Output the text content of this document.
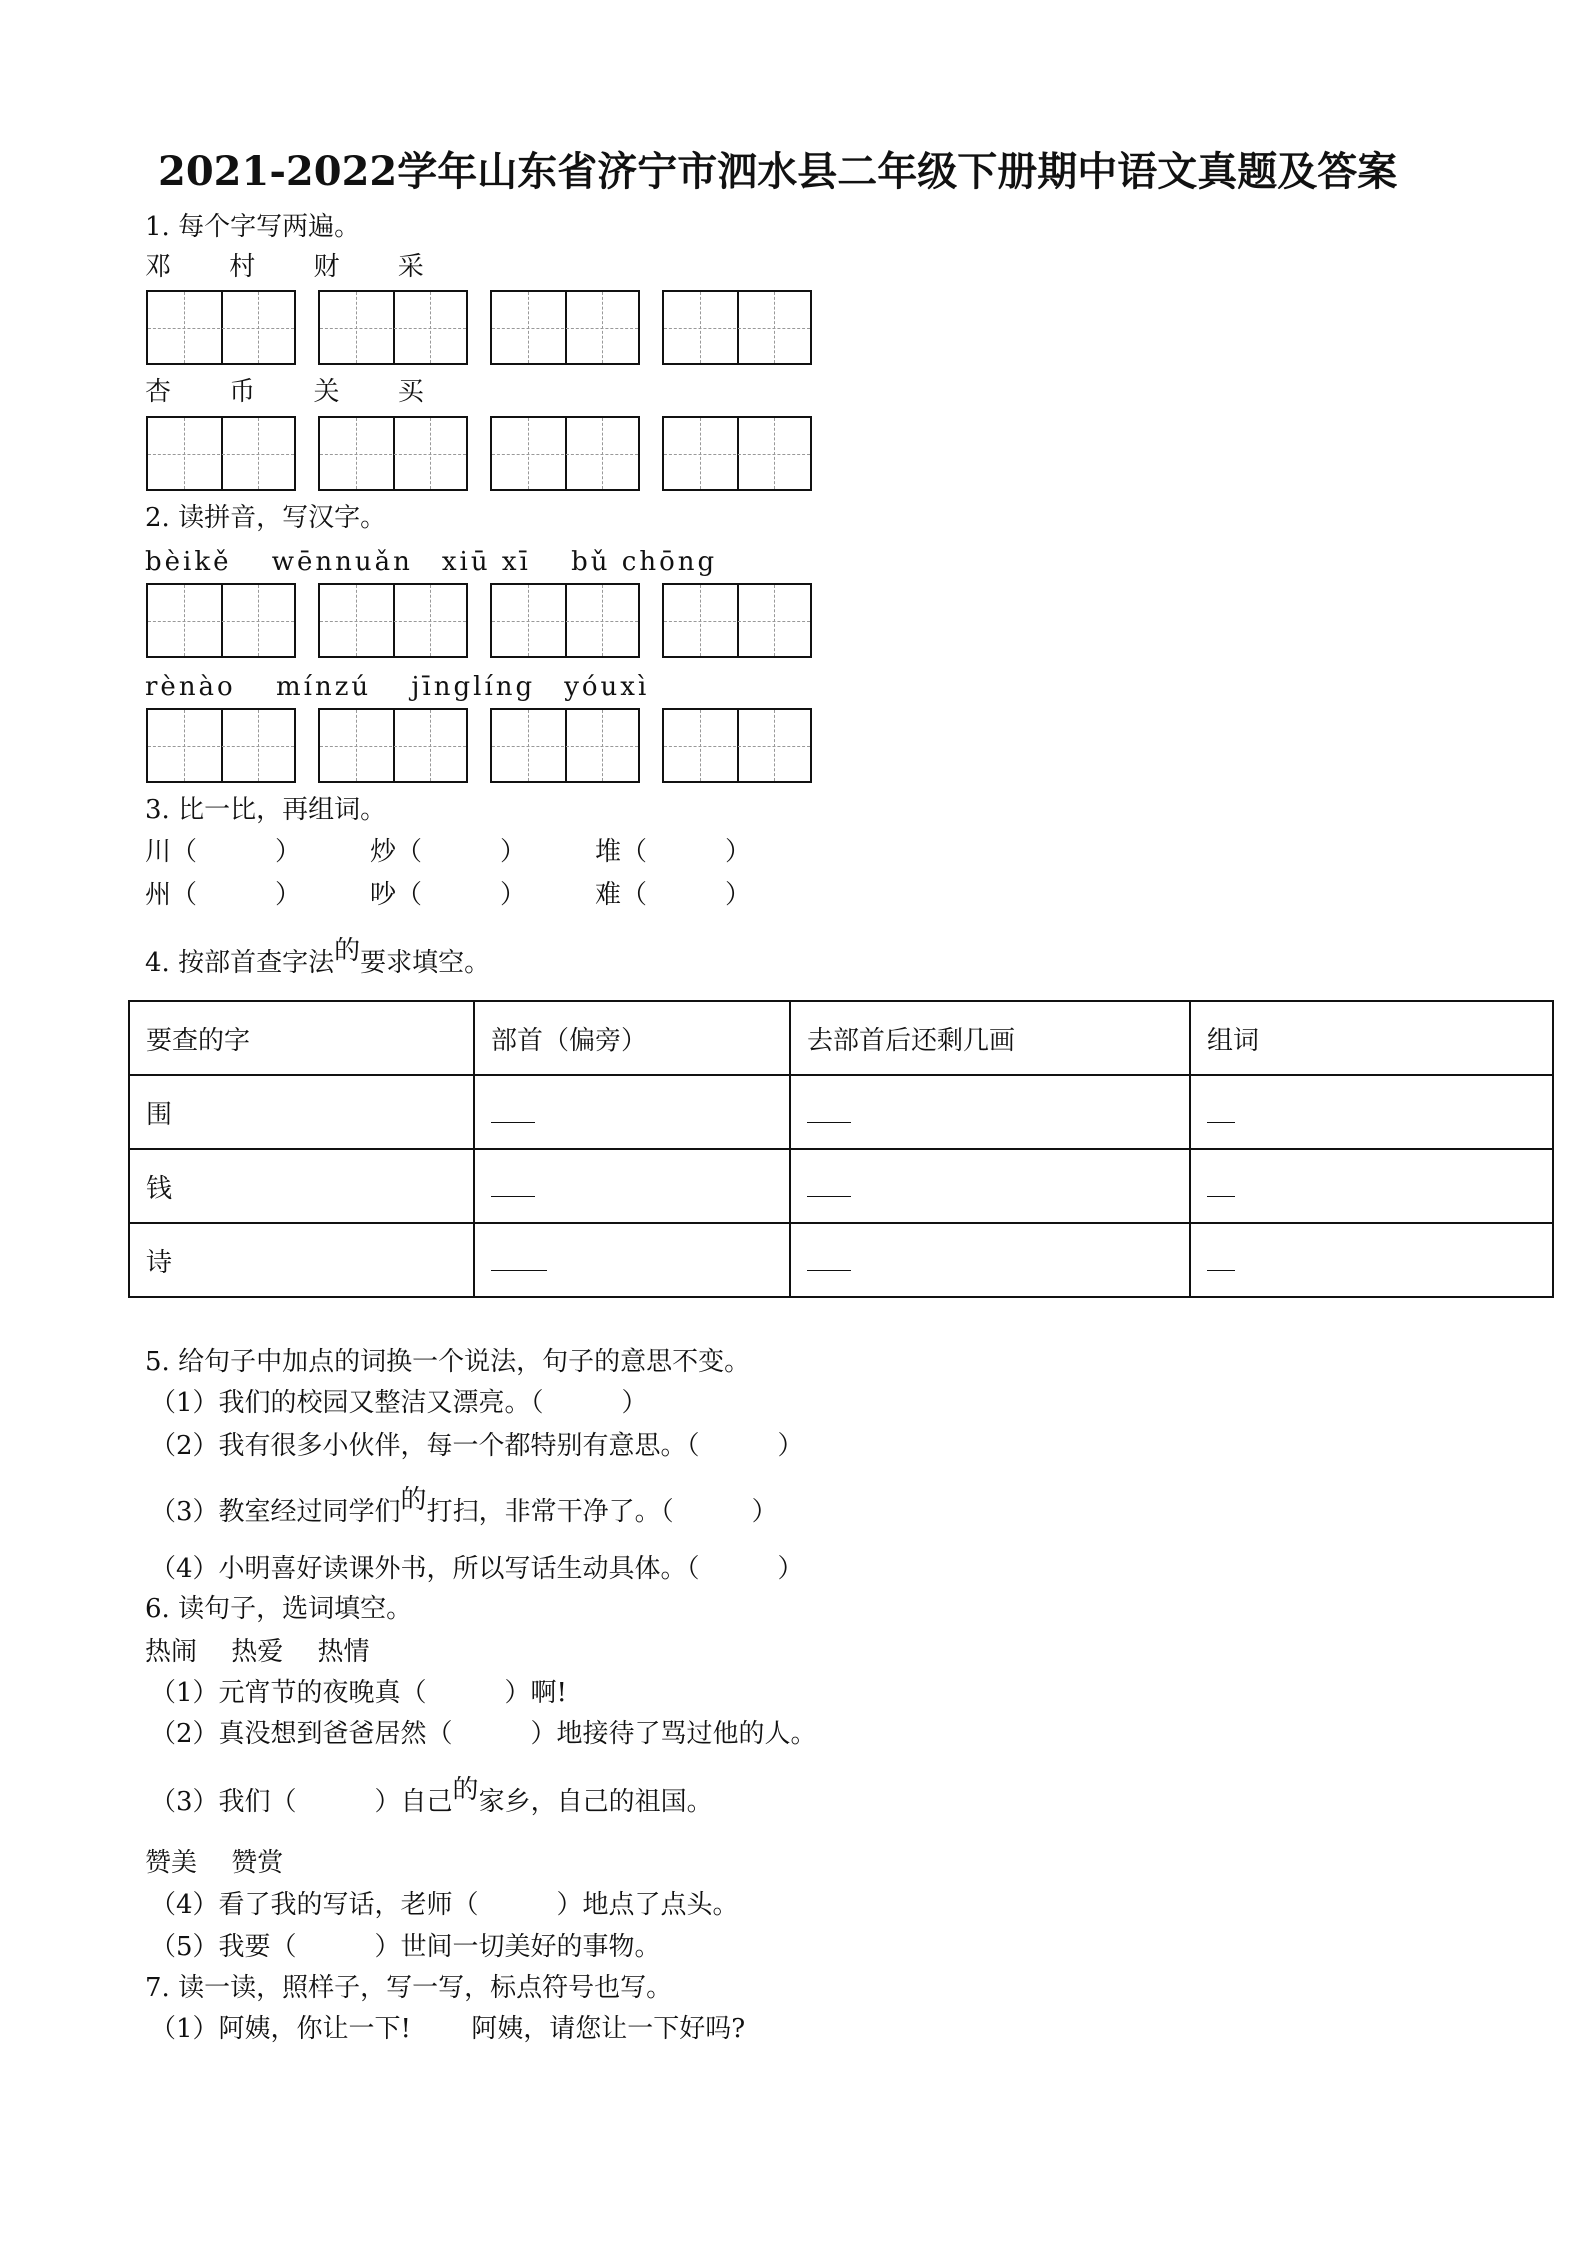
2021-2022学年山东省济宁市泗水县二年级下册期中语文真题及答案
1. 每个字写两遍。
邓　 村　 财　 采
杏　 币　 关　 买
2. 读拼音，写汉字。
bèikě　 wēnnuǎn　xiū xī　 bǔ chōng
rènào　 mínzú　 jīnglíng　yóuxì
3. 比一比，再组词。
川（　　　）	炒（　　　）	堆（　　　）
州（　　　）	吵（　　　）	难（　　　）
4. 按部首查字法的要求填空。
要查的字	部首（偏旁）	去部首后还剩几画	组词
围			
钱			
诗			
5. 给句子中加点的词换一个说法，句子的意思不变。
（1）我们的校园又整洁又漂亮。（　　　）
（2）我有很多小伙伴，每一个都特别有意思。（　　　）
（3）教室经过同学们的打扫，非常干净了。（　　　）
（4）小明喜好读课外书，所以写话生动具体。（　　　）
6. 读句子，选词填空。
热闹　 热爱　 热情
（1）元宵节的夜晚真（　　　）啊!
（2）真没想到爸爸居然（　　　）地接待了骂过他的人。
（3）我们（　　　）自己的家乡，自己的祖国。
赞美　 赞赏
（4）看了我的写话，老师（　　　）地点了点头。
（5）我要（　　　）世间一切美好的事物。
7. 读一读，照样子，写一写，标点符号也写。
（1）阿姨，你让一下!　　 阿姨，请您让一下好吗?
